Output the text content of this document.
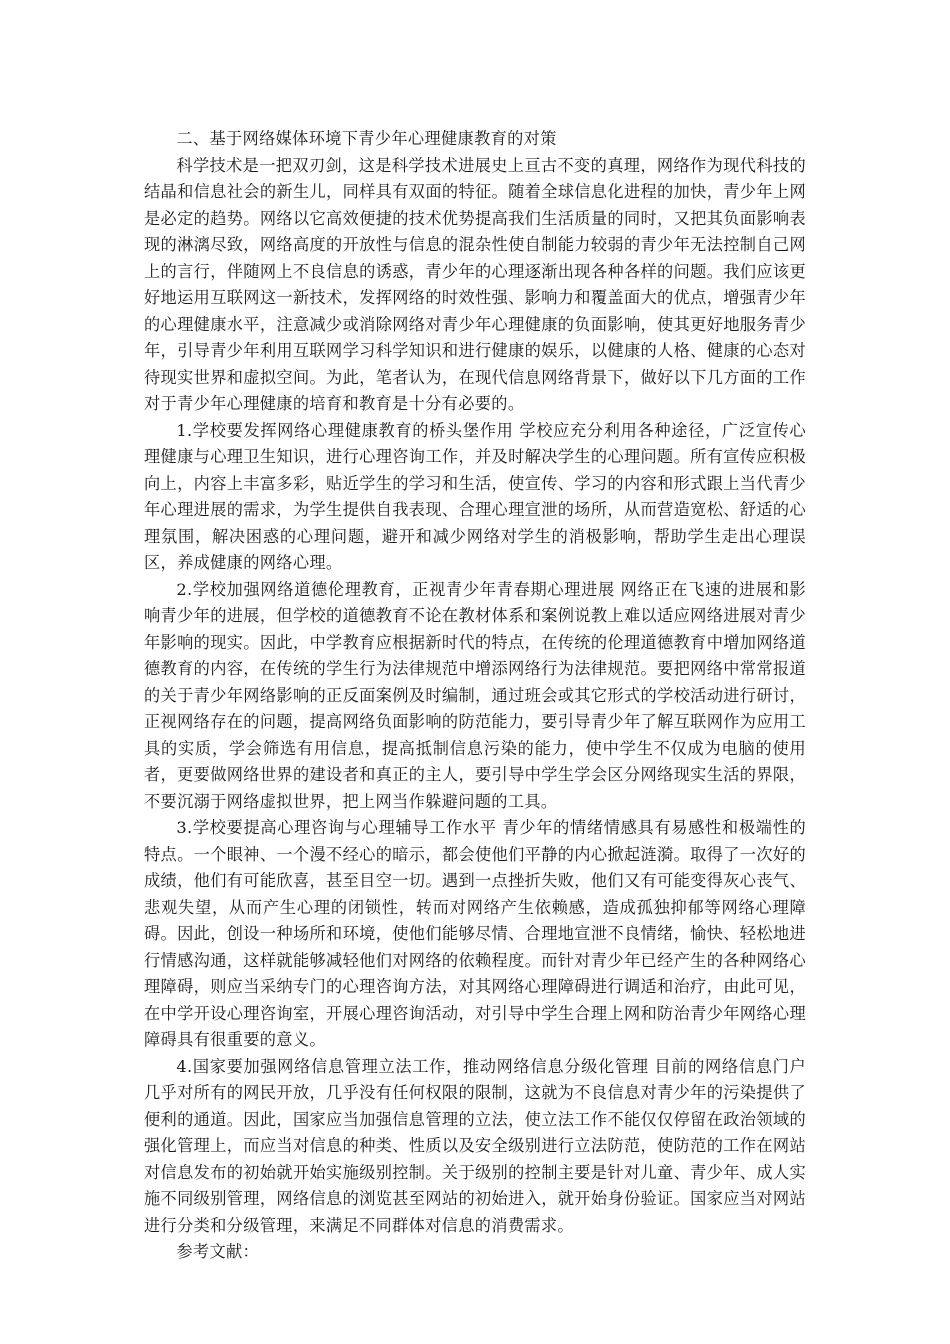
二、基于网络媒体环境下青少年心理健康教育的对策

科学技术是一把双刃剑，这是科学技术进展史上亘古不变的真理，网络作为现代科技的结晶和信息社会的新生儿，同样具有双面的特征。随着全球信息化进程的加快，青少年上网是必定的趋势。网络以它高效便捷的技术优势提高我们生活质量的同时，又把其负面影响表现的淋漓尽致，网络高度的开放性与信息的混杂性使自制能力较弱的青少年无法控制自己网上的言行，伴随网上不良信息的诱惑，青少年的心理逐渐出现各种各样的问题。我们应该更好地运用互联网这一新技术，发挥网络的时效性强、影响力和覆盖面大的优点，增强青少年的心理健康水平，注意减少或消除网络对青少年心理健康的负面影响，使其更好地服务青少年，引导青少年利用互联网学习科学知识和进行健康的娱乐，以健康的人格、健康的心态对待现实世界和虚拟空间。为此，笔者认为，在现代信息网络背景下，做好以下几方面的工作对于青少年心理健康的培育和教育是十分有必要的。

1.学校要发挥网络心理健康教育的桥头堡作用 学校应充分利用各种途径，广泛宣传心理健康与心理卫生知识，进行心理咨询工作，并及时解决学生的心理问题。所有宣传应积极向上，内容上丰富多彩，贴近学生的学习和生活，使宣传、学习的内容和形式跟上当代青少年心理进展的需求，为学生提供自我表现、合理心理宣泄的场所，从而营造宽松、舒适的心理氛围，解决困惑的心理问题，避开和减少网络对学生的消极影响，帮助学生走出心理误区，养成健康的网络心理。

2.学校加强网络道德伦理教育，正视青少年青春期心理进展 网络正在飞速的进展和影响青少年的进展，但学校的道德教育不论在教材体系和案例说教上难以适应网络进展对青少年影响的现实。因此，中学教育应根据新时代的特点，在传统的伦理道德教育中增加网络道德教育的内容，在传统的学生行为法律规范中增添网络行为法律规范。要把网络中常常报道的关于青少年网络影响的正反面案例及时编制，通过班会或其它形式的学校活动进行研讨，正视网络存在的问题，提高网络负面影响的防范能力，要引导青少年了解互联网作为应用工具的实质，学会筛选有用信息，提高抵制信息污染的能力，使中学生不仅成为电脑的使用者，更要做网络世界的建设者和真正的主人，要引导中学生学会区分网络现实生活的界限，不要沉溺于网络虚拟世界，把上网当作躲避问题的工具。

3.学校要提高心理咨询与心理辅导工作水平 青少年的情绪情感具有易感性和极端性的特点。一个眼神、一个漫不经心的暗示，都会使他们平静的内心掀起涟漪。取得了一次好的成绩，他们有可能欣喜，甚至目空一切。遇到一点挫折失败，他们又有可能变得灰心丧气、悲观失望，从而产生心理的闭锁性，转而对网络产生依赖感，造成孤独抑郁等网络心理障碍。因此，创设一种场所和环境，使他们能够尽情、合理地宣泄不良情绪，愉快、轻松地进行情感沟通，这样就能够减轻他们对网络的依赖程度。而针对青少年已经产生的各种网络心理障碍，则应当采纳专门的心理咨询方法，对其网络心理障碍进行调适和治疗，由此可见，在中学开设心理咨询室，开展心理咨询活动，对引导中学生合理上网和防治青少年网络心理障碍具有很重要的意义。

4.国家要加强网络信息管理立法工作，推动网络信息分级化管理 目前的网络信息门户几乎对所有的网民开放，几乎没有任何权限的限制，这就为不良信息对青少年的污染提供了便利的通道。因此，国家应当加强信息管理的立法，使立法工作不能仅仅停留在政治领域的强化管理上，而应当对信息的种类、性质以及安全级别进行立法防范，使防范的工作在网站对信息发布的初始就开始实施级别控制。关于级别的控制主要是针对儿童、青少年、成人实施不同级别管理，网络信息的浏览甚至网站的初始进入，就开始身份验证。国家应当对网站进行分类和分级管理，来满足不同群体对信息的消费需求。

参考文献：
